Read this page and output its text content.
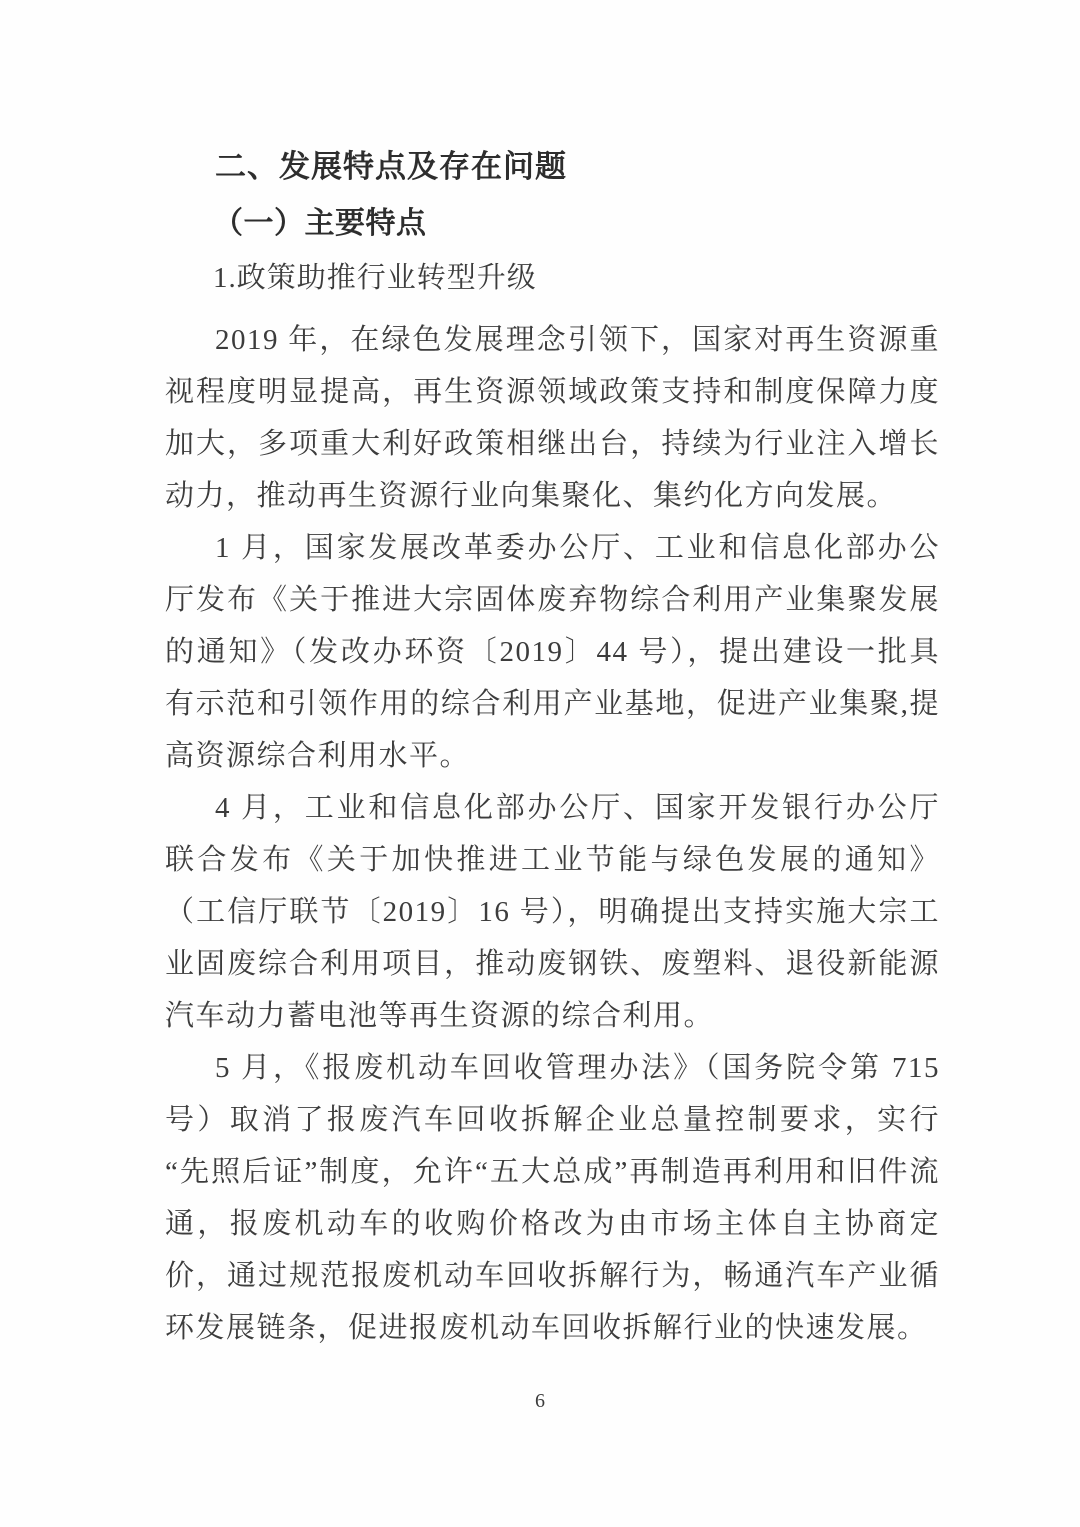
二、发展特点及存在问题
（一）主要特点
1.政策助推行业转型升级

2019 年，在绿色发展理念引领下，国家对再生资源重视程度明显提高，再生资源领域政策支持和制度保障力度加大，多项重大利好政策相继出台，持续为行业注入增长动力，推动再生资源行业向集聚化、集约化方向发展。

1 月，国家发展改革委办公厅、工业和信息化部办公厅发布《关于推进大宗固体废弃物综合利用产业集聚发展的通知》（发改办环资〔2019〕44 号），提出建设一批具有示范和引领作用的综合利用产业基地，促进产业集聚,提高资源综合利用水平。

4 月，工业和信息化部办公厅、国家开发银行办公厅联合发布《关于加快推进工业节能与绿色发展的通知》（工信厅联节〔2019〕16 号），明确提出支持实施大宗工业固废综合利用项目，推动废钢铁、废塑料、退役新能源汽车动力蓄电池等再生资源的综合利用。

5 月，《报废机动车回收管理办法》（国务院令第 715 号）取消了报废汽车回收拆解企业总量控制要求，实行“先照后证”制度，允许“五大总成”再制造再利用和旧件流通，报废机动车的收购价格改为由市场主体自主协商定价，通过规范报废机动车回收拆解行为，畅通汽车产业循环发展链条，促进报废机动车回收拆解行业的快速发展。

6
